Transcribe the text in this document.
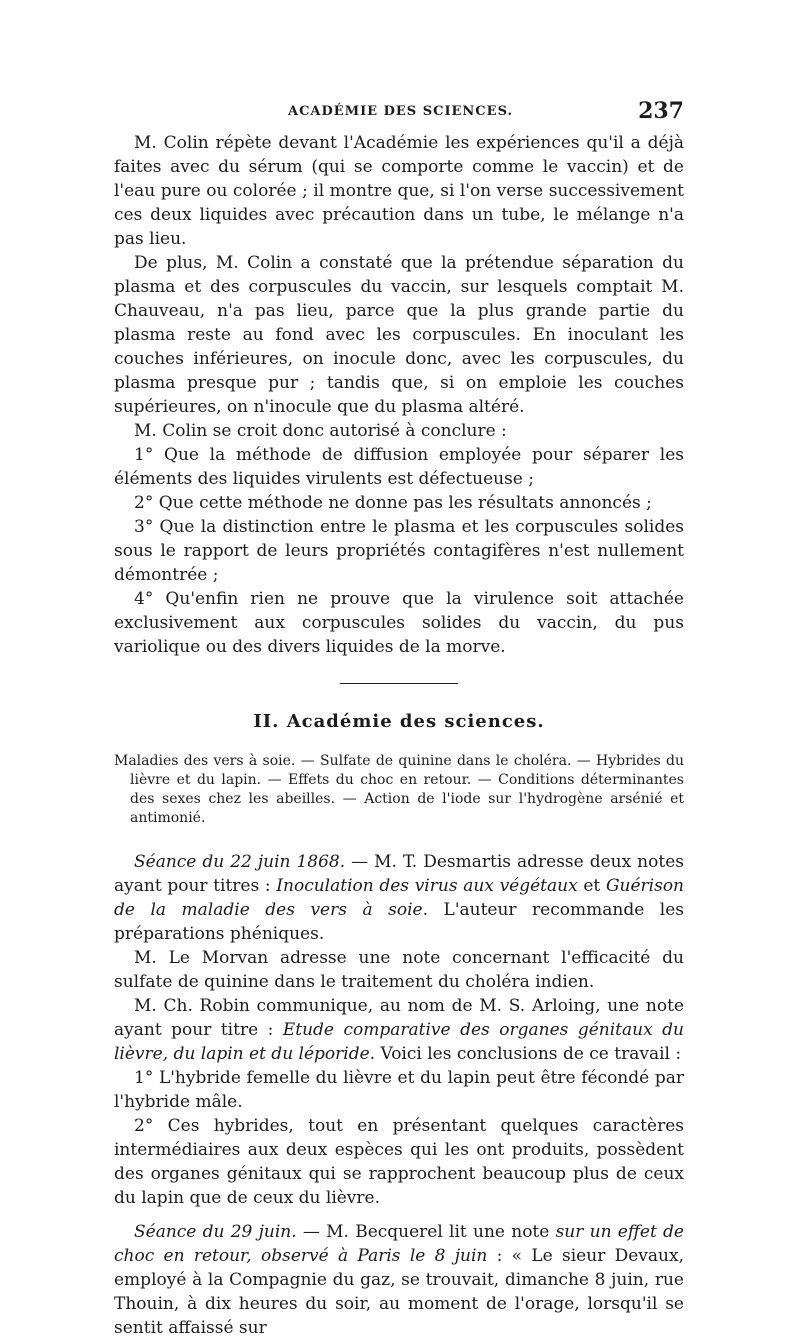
ACADÉMIE DES SCIENCES.	237

M. Colin répète devant l'Académie les expériences qu'il a déjà faites avec du sérum (qui se comporte comme le vaccin) et de l'eau pure ou colorée ; il montre que, si l'on verse successivement ces deux liquides avec précaution dans un tube, le mélange n'a pas lieu.

De plus, M. Colin a constaté que la prétendue séparation du plasma et des corpuscules du vaccin, sur lesquels comptait M. Chauveau, n'a pas lieu, parce que la plus grande partie du plasma reste au fond avec les corpuscules. En inoculant les couches inférieures, on inocule donc, avec les corpuscules, du plasma presque pur ; tandis que, si on emploie les couches supérieures, on n'inocule que du plasma altéré.

M. Colin se croit donc autorisé à conclure :

1° Que la méthode de diffusion employée pour séparer les éléments des liquides virulents est défectueuse ;

2° Que cette méthode ne donne pas les résultats annoncés ;

3° Que la distinction entre le plasma et les corpuscules solides sous le rapport de leurs propriétés contagifères n'est nullement démontrée ;

4° Qu'enfin rien ne prouve que la virulence soit attachée exclusivement aux corpuscules solides du vaccin, du pus variolique ou des divers liquides de la morve.

II. Académie des sciences.
Maladies des vers à soie. — Sulfate de quinine dans le choléra. — Hybrides du lièvre et du lapin. — Effets du choc en retour. — Conditions déterminantes des sexes chez les abeilles. — Action de l'iode sur l'hydrogène arsénié et antimonié.

Séance du 22 juin 1868. — M. T. Desmartis adresse deux notes ayant pour titres : Inoculation des virus aux végétaux et Guérison de la maladie des vers à soie. L'auteur recommande les préparations phéniques.

M. Le Morvan adresse une note concernant l'efficacité du sulfate de quinine dans le traitement du choléra indien.

M. Ch. Robin communique, au nom de M. S. Arloing, une note ayant pour titre : Etude comparative des organes génitaux du lièvre, du lapin et du léporide. Voici les conclusions de ce travail :

1° L'hybride femelle du lièvre et du lapin peut être fécondé par l'hybride mâle.

2° Ces hybrides, tout en présentant quelques caractères intermédiaires aux deux espèces qui les ont produits, possèdent des organes génitaux qui se rapprochent beaucoup plus de ceux du lapin que de ceux du lièvre.

Séance du 29 juin. — M. Becquerel lit une note sur un effet de choc en retour, observé à Paris le 8 juin : « Le sieur Devaux, employé à la Compagnie du gaz, se trouvait, dimanche 8 juin, rue Thouin, à dix heures du soir, au moment de l'orage, lorsqu'il se sentit affaissé sur
